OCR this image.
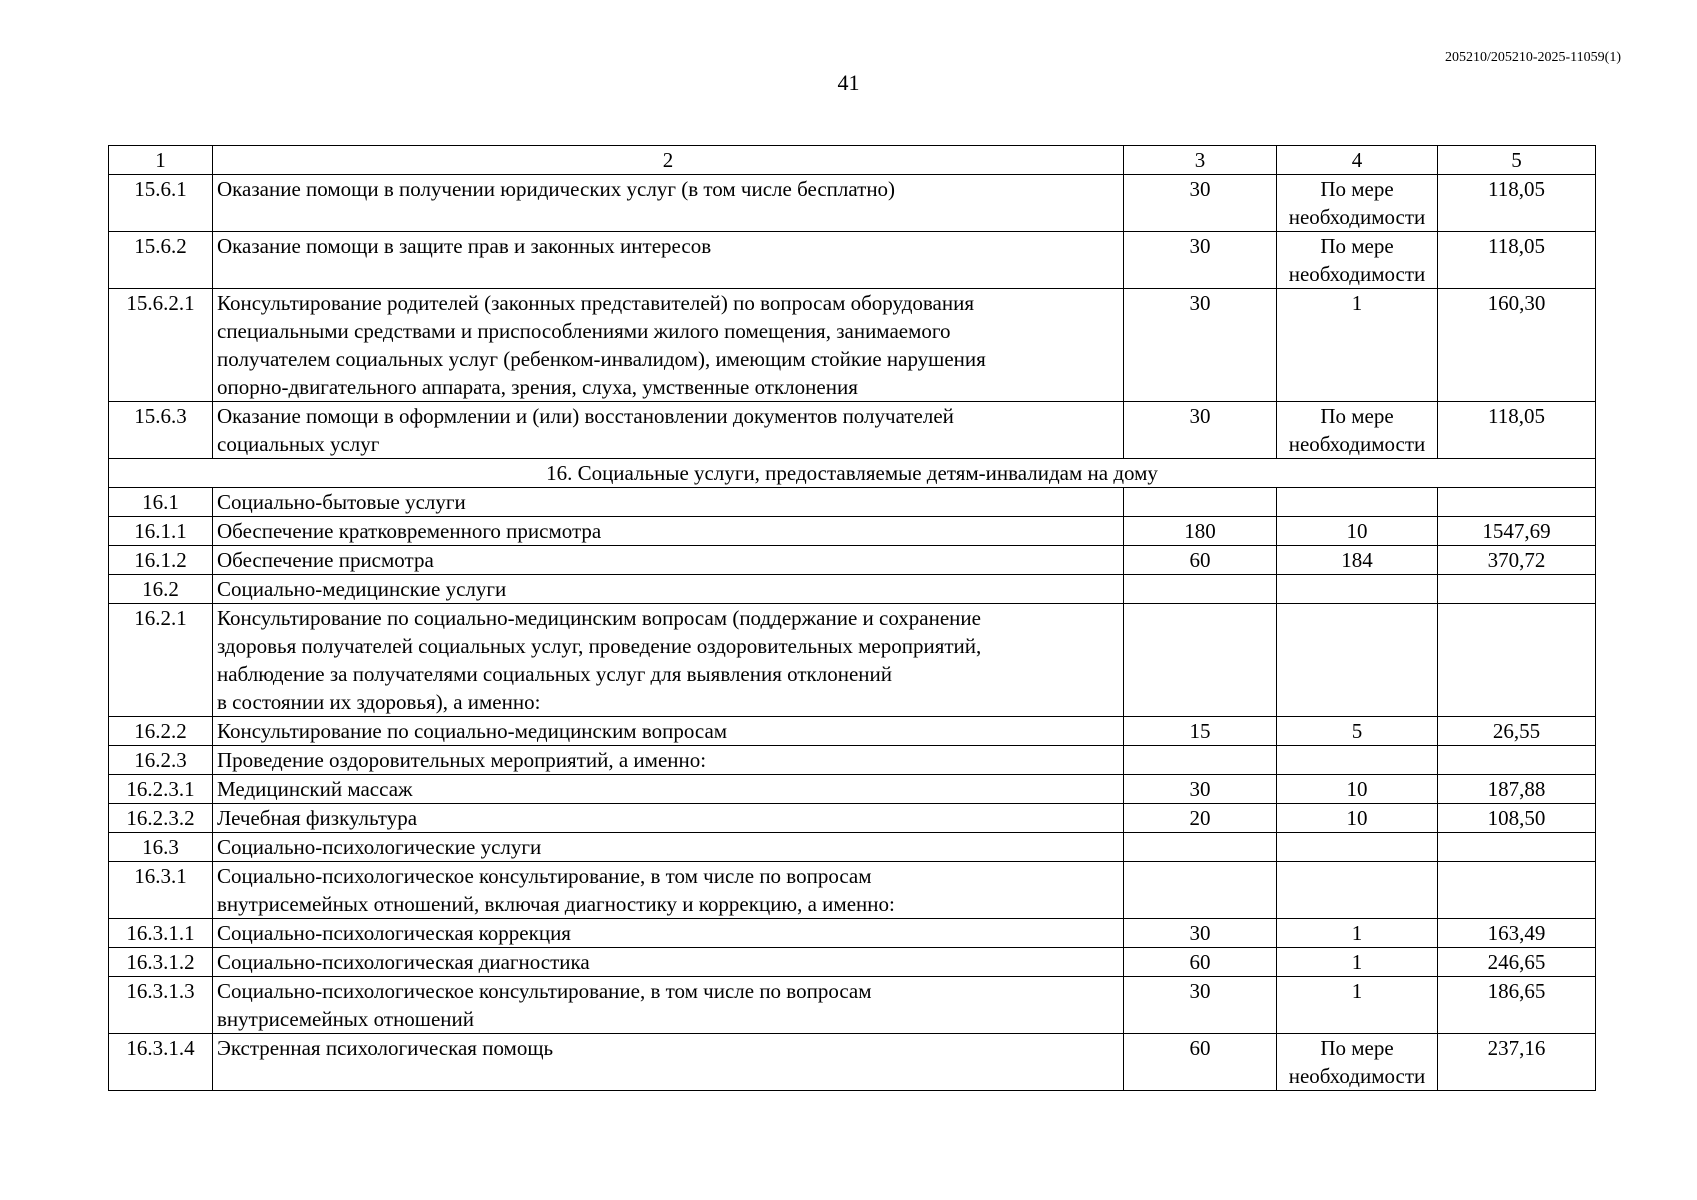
205210/205210-2025-11059(1)
41
1	2	3	4	5
15.6.1	Оказание помощи в получении юридических услуг (в том числе бесплатно)	30	По мере
необходимости	118,05
15.6.2	Оказание помощи в защите прав и законных интересов	30	По мере
необходимости	118,05
15.6.2.1	Консультирование родителей (законных представителей) по вопросам оборудования
специальными средствами и приспособлениями жилого помещения, занимаемого
получателем социальных услуг (ребенком-инвалидом), имеющим стойкие нарушения
опорно-двигательного аппарата, зрения, слуха, умственные отклонения	30	1	160,30
15.6.3	Оказание помощи в оформлении и (или) восстановлении документов получателей
социальных услуг	30	По мере
необходимости	118,05
16. Социальные услуги, предоставляемые детям-инвалидам на дому				
16.1	Социально-бытовые услуги			

16.1.1	Обеспечение кратковременного присмотра	180	10	1547,69
16.1.2	Обеспечение присмотра	60	184	370,72
16.2	Социально-медицинские услуги			

16.2.1	Консультирование по социально-медицинским вопросам (поддержание и сохранение
здоровья получателей социальных услуг, проведение оздоровительных мероприятий,
наблюдение за получателями социальных услуг для выявления отклонений
в состоянии их здоровья), а именно:			

16.2.2	Консультирование по социально-медицинским вопросам	15	5	26,55
16.2.3	Проведение оздоровительных мероприятий, а именно:			

16.2.3.1	Медицинский массаж	30	10	187,88
16.2.3.2	Лечебная физкультура	20	10	108,50
16.3	Социально-психологические услуги			

16.3.1	Социально-психологическое консультирование, в том числе по вопросам
внутрисемейных отношений, включая диагностику и коррекцию, а именно:			

16.3.1.1	Социально-психологическая коррекция	30	1	163,49
16.3.1.2	Социально-психологическая диагностика	60	1	246,65
16.3.1.3	Социально-психологическое консультирование, в том числе по вопросам
внутрисемейных отношений	30	1	186,65
16.3.1.4	Экстренная психологическая помощь	60	По мере
необходимости	237,16
